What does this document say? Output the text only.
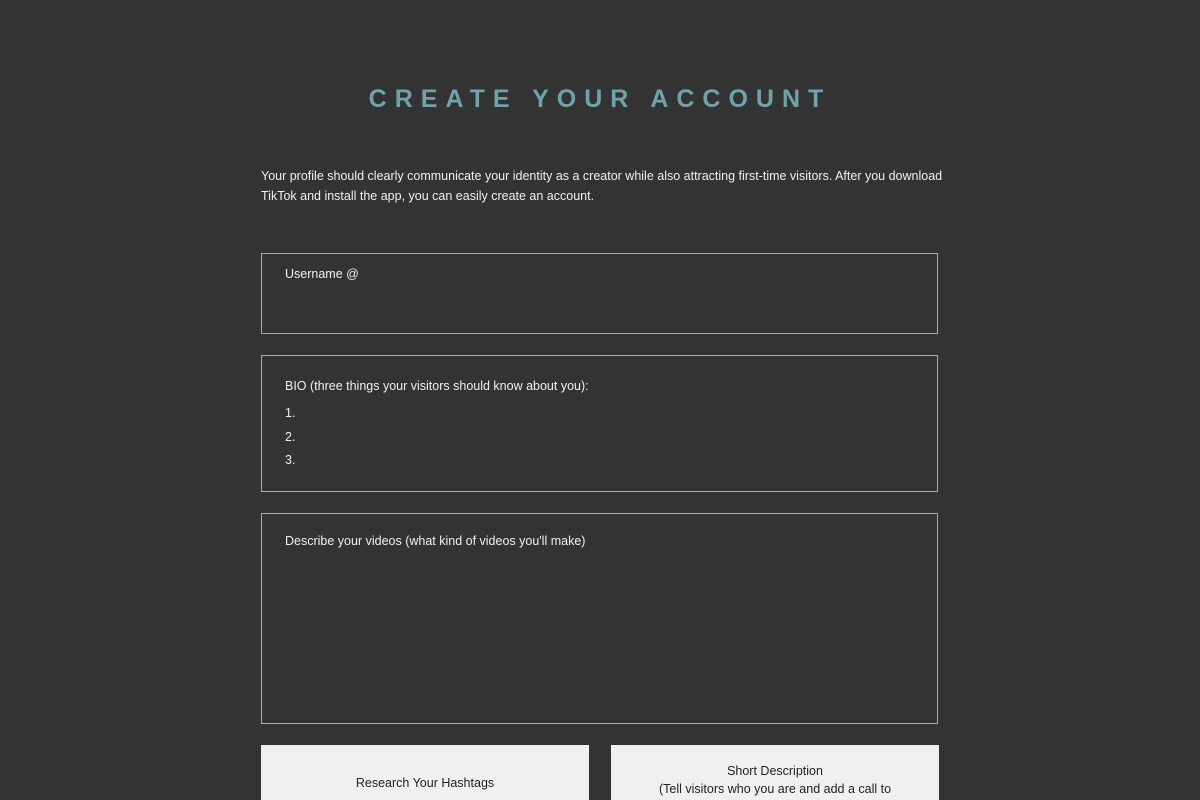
CREATE YOUR ACCOUNT
Your profile should clearly communicate your identity as a creator while also attracting first-time visitors. After you download TikTok and install the app, you can easily create an account.
Username @
BIO (three things your visitors should know about you):
1.
2.
3.
Describe your videos (what kind of videos you'll make)
Research Your Hashtags
Short Description
(Tell visitors who you are and add a call to
